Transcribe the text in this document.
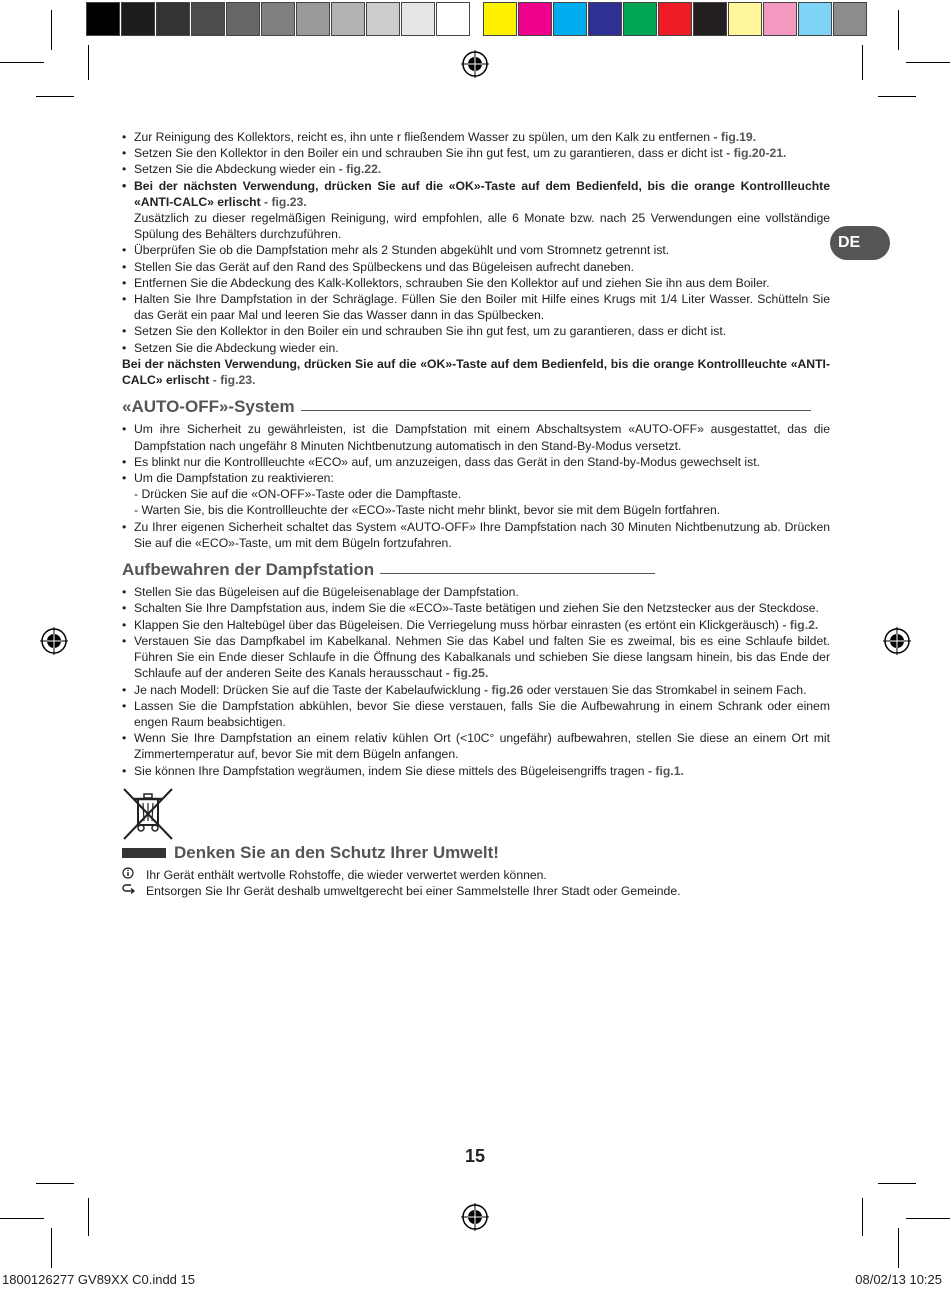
DE
• Zur Reinigung des Kollektors, reicht es, ihn unte r fließendem Wasser zu spülen, um den Kalk zu entfernen - fig.19.
• Setzen Sie den Kollektor in den Boiler ein und schrauben Sie ihn gut fest, um zu garantieren, dass er dicht ist - fig.20-21.
• Setzen Sie die Abdeckung wieder ein - fig.22.
• Bei der nächsten Verwendung, drücken Sie auf die «OK»-Taste auf dem Bedienfeld, bis die orange Kontrollleuchte «ANTI-CALC» erlischt - fig.23.
Zusätzlich zu dieser regelmäßigen Reinigung, wird empfohlen, alle 6 Monate bzw. nach 25 Verwendungen eine vollständige Spülung des Behälters durchzuführen.
• Überprüfen Sie ob die Dampfstation mehr als 2 Stunden abgekühlt und vom Stromnetz getrennt ist.
• Stellen Sie das Gerät auf den Rand des Spülbeckens und das Bügeleisen aufrecht daneben.
• Entfernen Sie die Abdeckung des Kalk-Kollektors, schrauben Sie den Kollektor auf und ziehen Sie ihn aus dem Boiler.
• Halten Sie Ihre Dampfstation in der Schräglage. Füllen Sie den Boiler mit Hilfe eines Krugs mit 1/4 Liter Wasser. Schütteln Sie das Gerät ein paar Mal und leeren Sie das Wasser dann in das Spülbecken.
• Setzen Sie den Kollektor in den Boiler ein und schrauben Sie ihn gut fest, um zu garantieren, dass er dicht ist.
• Setzen Sie die Abdeckung wieder ein.
Bei der nächsten Verwendung, drücken Sie auf die «OK»-Taste auf dem Bedienfeld, bis die orange Kontrollleuchte «ANTI-CALC» erlischt - fig.23.
«AUTO-OFF»-System
• Um ihre Sicherheit zu gewährleisten, ist die Dampfstation mit einem Abschaltsystem «AUTO-OFF» ausgestattet, das die Dampfstation nach ungefähr 8 Minuten Nichtbenutzung automatisch in den Stand-By-Modus versetzt.
• Es blinkt nur die Kontrollleuchte «ECO» auf, um anzuzeigen, dass das Gerät in den Stand-by-Modus gewechselt ist.
• Um die Dampfstation zu reaktivieren:
- Drücken Sie auf die «ON-OFF»-Taste oder die Dampftaste.
- Warten Sie, bis die Kontrollleuchte der «ECO»-Taste nicht mehr blinkt, bevor sie mit dem Bügeln fortfahren.
• Zu Ihrer eigenen Sicherheit schaltet das System «AUTO-OFF» Ihre Dampfstation nach 30 Minuten Nichtbenutzung ab. Drücken Sie auf die «ECO»-Taste, um mit dem Bügeln fortzufahren.
Aufbewahren der Dampfstation
• Stellen Sie das Bügeleisen auf die Bügeleisenablage der Dampfstation.
• Schalten Sie Ihre Dampfstation aus, indem Sie die «ECO»-Taste betätigen und ziehen Sie den Netzstecker aus der Steckdose.
• Klappen Sie den Haltebügel über das Bügeleisen. Die Verriegelung muss hörbar einrasten (es ertönt ein Klickgeräusch) - fig.2.
• Verstauen Sie das Dampfkabel im Kabelkanal. Nehmen Sie das Kabel und falten Sie es zweimal, bis es eine Schlaufe bildet. Führen Sie ein Ende dieser Schlaufe in die Öffnung des Kabalkanals und schieben Sie diese langsam hinein, bis das Ende der Schlaufe auf der anderen Seite des Kanals herausschaut - fig.25.
• Je nach Modell: Drücken Sie auf die Taste der Kabelaufwicklung - fig.26 oder verstauen Sie das Stromkabel in seinem Fach.
• Lassen Sie die Dampfstation abkühlen, bevor Sie diese verstauen, falls Sie die Aufbewahrung in einem Schrank oder einem engen Raum beabsichtigen.
• Wenn Sie Ihre Dampfstation an einem relativ kühlen Ort (<10C° ungefähr) aufbewahren, stellen Sie diese an einem Ort mit Zimmertemperatur auf, bevor Sie mit dem Bügeln anfangen.
• Sie können Ihre Dampfstation wegräumen, indem Sie diese mittels des Bügeleisengriffs tragen - fig.1.
Denken Sie an den Schutz Ihrer Umwelt!
Ihr Gerät enthält wertvolle Rohstoffe, die wieder verwertet werden können.
Entsorgen Sie Ihr Gerät deshalb umweltgerecht bei einer Sammelstelle Ihrer Stadt oder Gemeinde.
15
1800126277 GV89XX C0.indd 15	08/02/13 10:25
